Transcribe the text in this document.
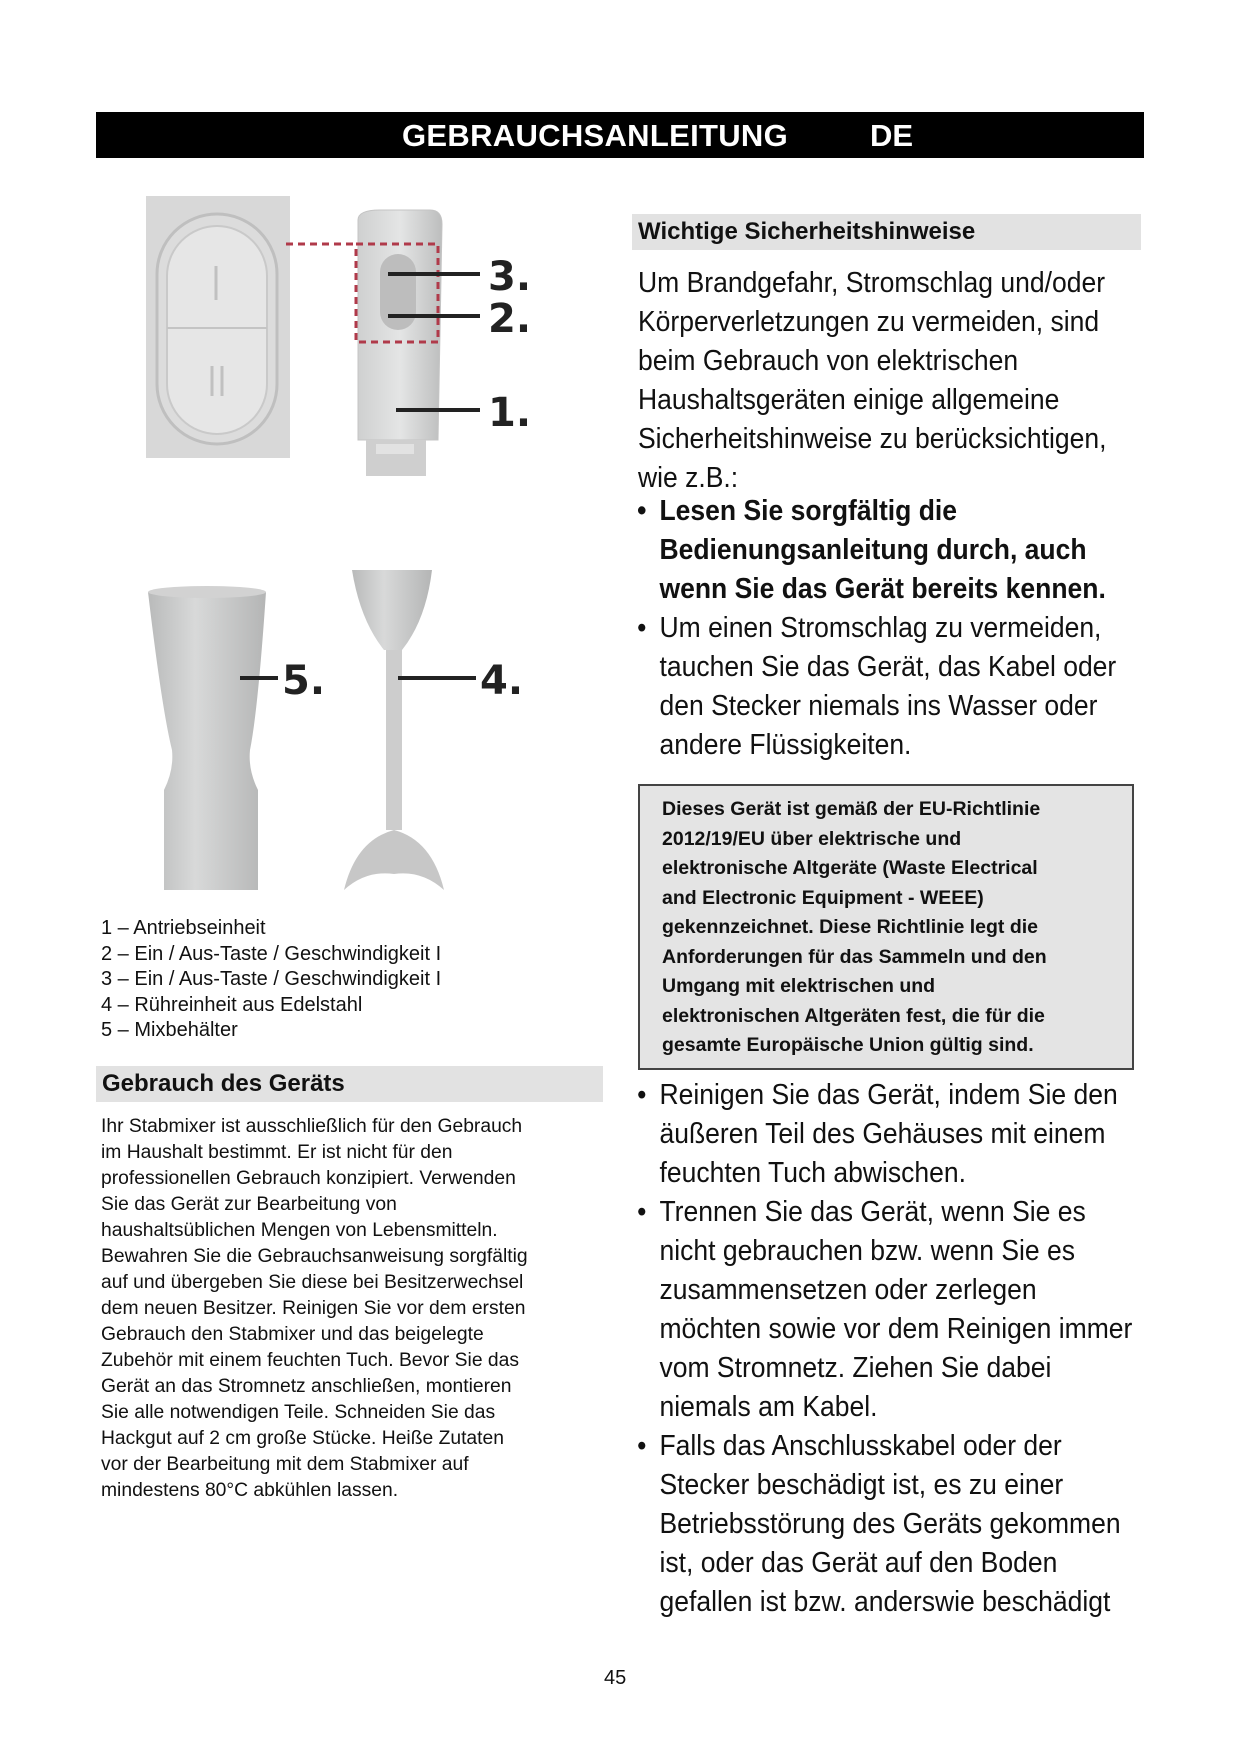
GEBRAUCHSANLEITUNG	DE
3.
2.
1.
5.	4.
1 – Antriebseinheit
2 – Ein / Aus-Taste / Geschwindigkeit I
3 – Ein / Aus-Taste / Geschwindigkeit I
4 – Rühreinheit aus Edelstahl
5 – Mixbehälter
Gebrauch des Geräts
Ihr Stabmixer ist ausschließlich für den Gebrauch
im Haushalt bestimmt. Er ist nicht für den
professionellen Gebrauch konzipiert. Verwenden
Sie das Gerät zur Bearbeitung von
haushaltsüblichen Mengen von Lebensmitteln.
Bewahren Sie die Gebrauchsanweisung sorgfältig
auf und übergeben Sie diese bei Besitzerwechsel
dem neuen Besitzer. Reinigen Sie vor dem ersten
Gebrauch den Stabmixer und das beigelegte
Zubehör mit einem feuchten Tuch. Bevor Sie das
Gerät an das Stromnetz anschließen, montieren
Sie alle notwendigen Teile. Schneiden Sie das
Hackgut auf 2 cm große Stücke. Heiße Zutaten
vor der Bearbeitung mit dem Stabmixer auf
mindestens 80°C abkühlen lassen.
Wichtige Sicherheitshinweise
Um Brandgefahr, Stromschlag und/oder
Körperverletzungen zu vermeiden, sind
beim Gebrauch von elektrischen
Haushaltsgeräten einige allgemeine
Sicherheitshinweise zu berücksichtigen,
wie z.B.:
• Lesen Sie sorgfältig die
Bedienungsanleitung durch, auch
wenn Sie das Gerät bereits kennen.
• Um einen Stromschlag zu vermeiden,
tauchen Sie das Gerät, das Kabel oder
den Stecker niemals ins Wasser oder
andere Flüssigkeiten.
Dieses Gerät ist gemäß der EU-Richtlinie
2012/19/EU über elektrische und
elektronische Altgeräte (Waste Electrical
and Electronic Equipment - WEEE)
gekennzeichnet. Diese Richtlinie legt die
Anforderungen für das Sammeln und den
Umgang mit elektrischen und
elektronischen Altgeräten fest, die für die
gesamte Europäische Union gültig sind.
• Reinigen Sie das Gerät, indem Sie den
äußeren Teil des Gehäuses mit einem
feuchten Tuch abwischen.
• Trennen Sie das Gerät, wenn Sie es
nicht gebrauchen bzw. wenn Sie es
zusammensetzen oder zerlegen
möchten sowie vor dem Reinigen immer
vom Stromnetz. Ziehen Sie dabei
niemals am Kabel.
• Falls das Anschlusskabel oder der
Stecker beschädigt ist, es zu einer
Betriebsstörung des Geräts gekommen
ist, oder das Gerät auf den Boden
gefallen ist bzw. anderswie beschädigt
45
